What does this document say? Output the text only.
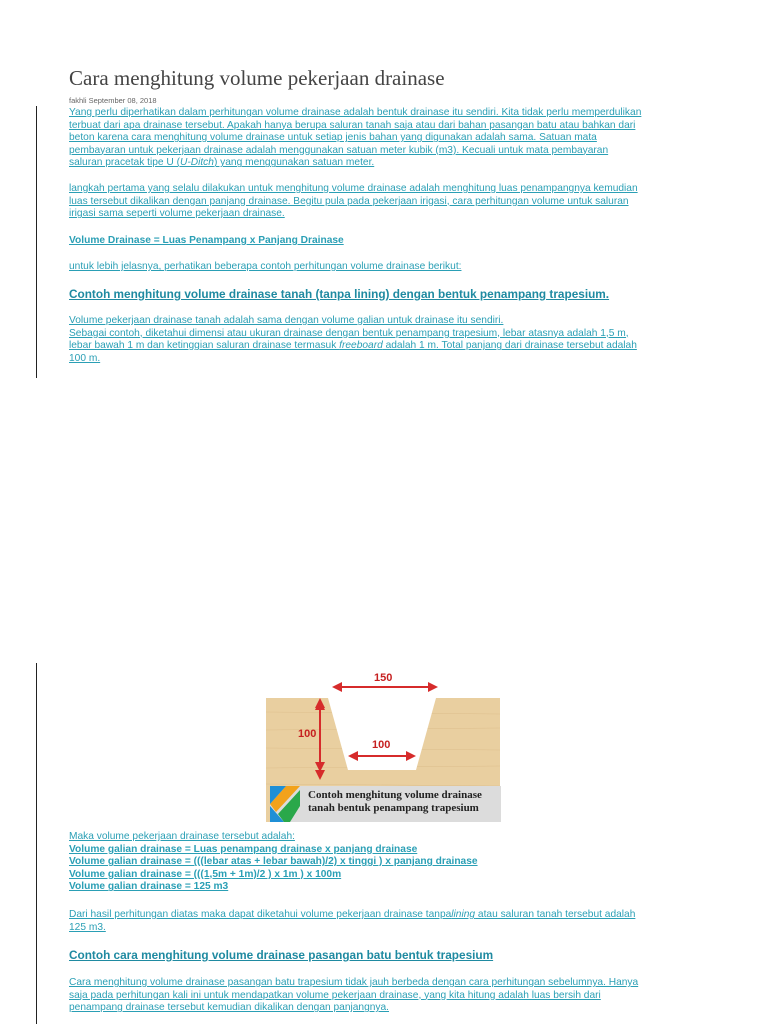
Cara menghitung volume pekerjaan drainase
fakhli September 08, 2018

Yang perlu diperhatikan dalam perhitungan volume drainase adalah bentuk drainase itu sendiri. Kita tidak perlu memperdulikan

terbuat dari apa drainase tersebut. Apakah hanya berupa saluran tanah saja atau dari bahan pasangan batu atau bahkan dari

beton karena cara menghitung volume drainase untuk setiap jenis bahan yang digunakan adalah sama. Satuan mata

pembayaran untuk pekerjaan drainase adalah menggunakan satuan meter kubik (m3). Kecuali untuk mata pembayaran

saluran pracetak tipe U (U-Ditch) yang menggunakan satuan meter.

langkah pertama yang selalu dilakukan untuk menghitung volume drainase adalah menghitung luas penampangnya kemudian

luas tersebut dikalikan dengan panjang drainase. Begitu pula pada pekerjaan irigasi, cara perhitungan volume untuk saluran

irigasi sama seperti volume pekerjaan drainase.

Volume Drainase = Luas Penampang x Panjang Drainase

untuk lebih jelasnya, perhatikan beberapa contoh perhitungan volume drainase berikut:

Contoh menghitung volume drainase tanah (tanpa lining) dengan bentuk penampang trapesium.

Volume pekerjaan drainase tanah adalah sama dengan volume galian untuk drainase itu sendiri.

Sebagai contoh, diketahui dimensi atau ukuran drainase dengan bentuk penampang trapesium, lebar atasnya adalah 1,5 m,

lebar bawah 1 m dan ketinggian saluran drainase termasuk freeboard adalah 1 m. Total panjang dari drainase tersebut adalah

100 m.

100
100
150
Contoh menghitung volume drainase
tanah bentuk penampang trapesium

Maka volume pekerjaan drainase tersebut adalah:

Volume galian drainase = Luas penampang drainase x panjang drainase

Volume galian drainase = (((lebar atas + lebar bawah)/2) x tinggi ) x panjang drainase

Volume galian drainase = (((1,5m + 1m)/2 ) x 1m ) x 100m

Volume galian drainase = 125 m3

Dari hasil perhitungan diatas maka dapat diketahui volume pekerjaan drainase tanpalining atau saluran tanah tersebut adalah

125 m3.

Contoh cara menghitung volume drainase pasangan batu bentuk trapesium

Cara menghitung volume drainase pasangan batu trapesium tidak jauh berbeda dengan cara perhitungan sebelumnya. Hanya

saja pada perhitungan kali ini untuk mendapatkan volume pekerjaan drainase, yang kita hitung adalah luas bersih dari

penampang drainase tersebut kemudian dikalikan dengan panjangnya.
